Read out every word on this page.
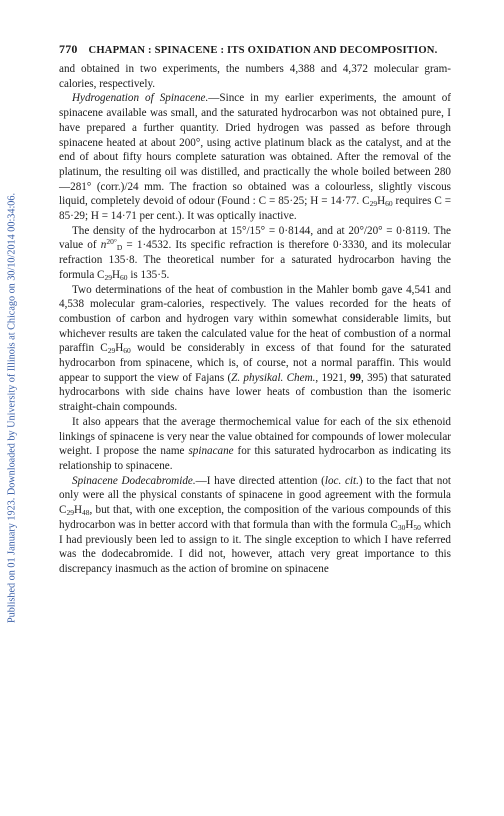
Published on 01 January 1923. Downloaded by University of Illinois at Chicago on 30/10/2014 00:34:06.
770 CHAPMAN : SPINACENE : ITS OXIDATION AND DECOMPOSITION.

and obtained in two experiments, the numbers 4,388 and 4,372 molecular gram-calories, respectively.

Hydrogenation of Spinacene.—Since in my earlier experiments, the amount of spinacene available was small, and the saturated hydrocarbon was not obtained pure, I have prepared a further quantity. Dried hydrogen was passed as before through spinacene heated at about 200°, using active platinum black as the catalyst, and at the end of about fifty hours complete saturation was obtained. After the removal of the platinum, the resulting oil was distilled, and practically the whole boiled between 280—281° (corr.)/24 mm. The fraction so obtained was a colourless, slightly viscous liquid, completely devoid of odour (Found : C = 85·25; H = 14·77. $C_{29}H_{60}$ requires C = 85·29; H = 14·71 per cent.). It was optically inactive.

The density of the hydrocarbon at 15°/15° = 0·8144, and at 20°/20° = 0·8119. The value of $n^{20^\circ}_D = 1\cdot 4532$. Its specific refraction is therefore 0·3330, and its molecular refraction 135·8. The theoretical number for a saturated hydrocarbon having the formula $C_{29}H_{60}$ is 135·5.

Two determinations of the heat of combustion in the Mahler bomb gave 4,541 and 4,538 molecular gram-calories, respectively. The values recorded for the heats of combustion of carbon and hydrogen vary within somewhat considerable limits, but whichever results are taken the calculated value for the heat of combustion of a normal paraffin $C_{29}H_{60}$ would be considerably in excess of that found for the saturated hydrocarbon from spinacene, which is, of course, not a normal paraffin. This would appear to support the view of Fajans (Z. physikal. Chem., 1921, 99, 395) that saturated hydrocarbons with side chains have lower heats of combustion than the isomeric straight-chain compounds.

It also appears that the average thermochemical value for each of the six ethenoid linkings of spinacene is very near the value obtained for compounds of lower molecular weight. I propose the name spinacane for this saturated hydrocarbon as indicating its relationship to spinacene.

Spinacene Dodecabromide.—I have directed attention (loc. cit.) to the fact that not only were all the physical constants of spinacene in good agreement with the formula $C_{29}H_{48}$, but that, with one exception, the composition of the various compounds of this hydrocarbon was in better accord with that formula than with the formula $C_{30}H_{50}$ which I had previously been led to assign to it. The single exception to which I have referred was the dodecabromide. I did not, however, attach very great importance to this discrepancy inasmuch as the action of bromine on spinacene
